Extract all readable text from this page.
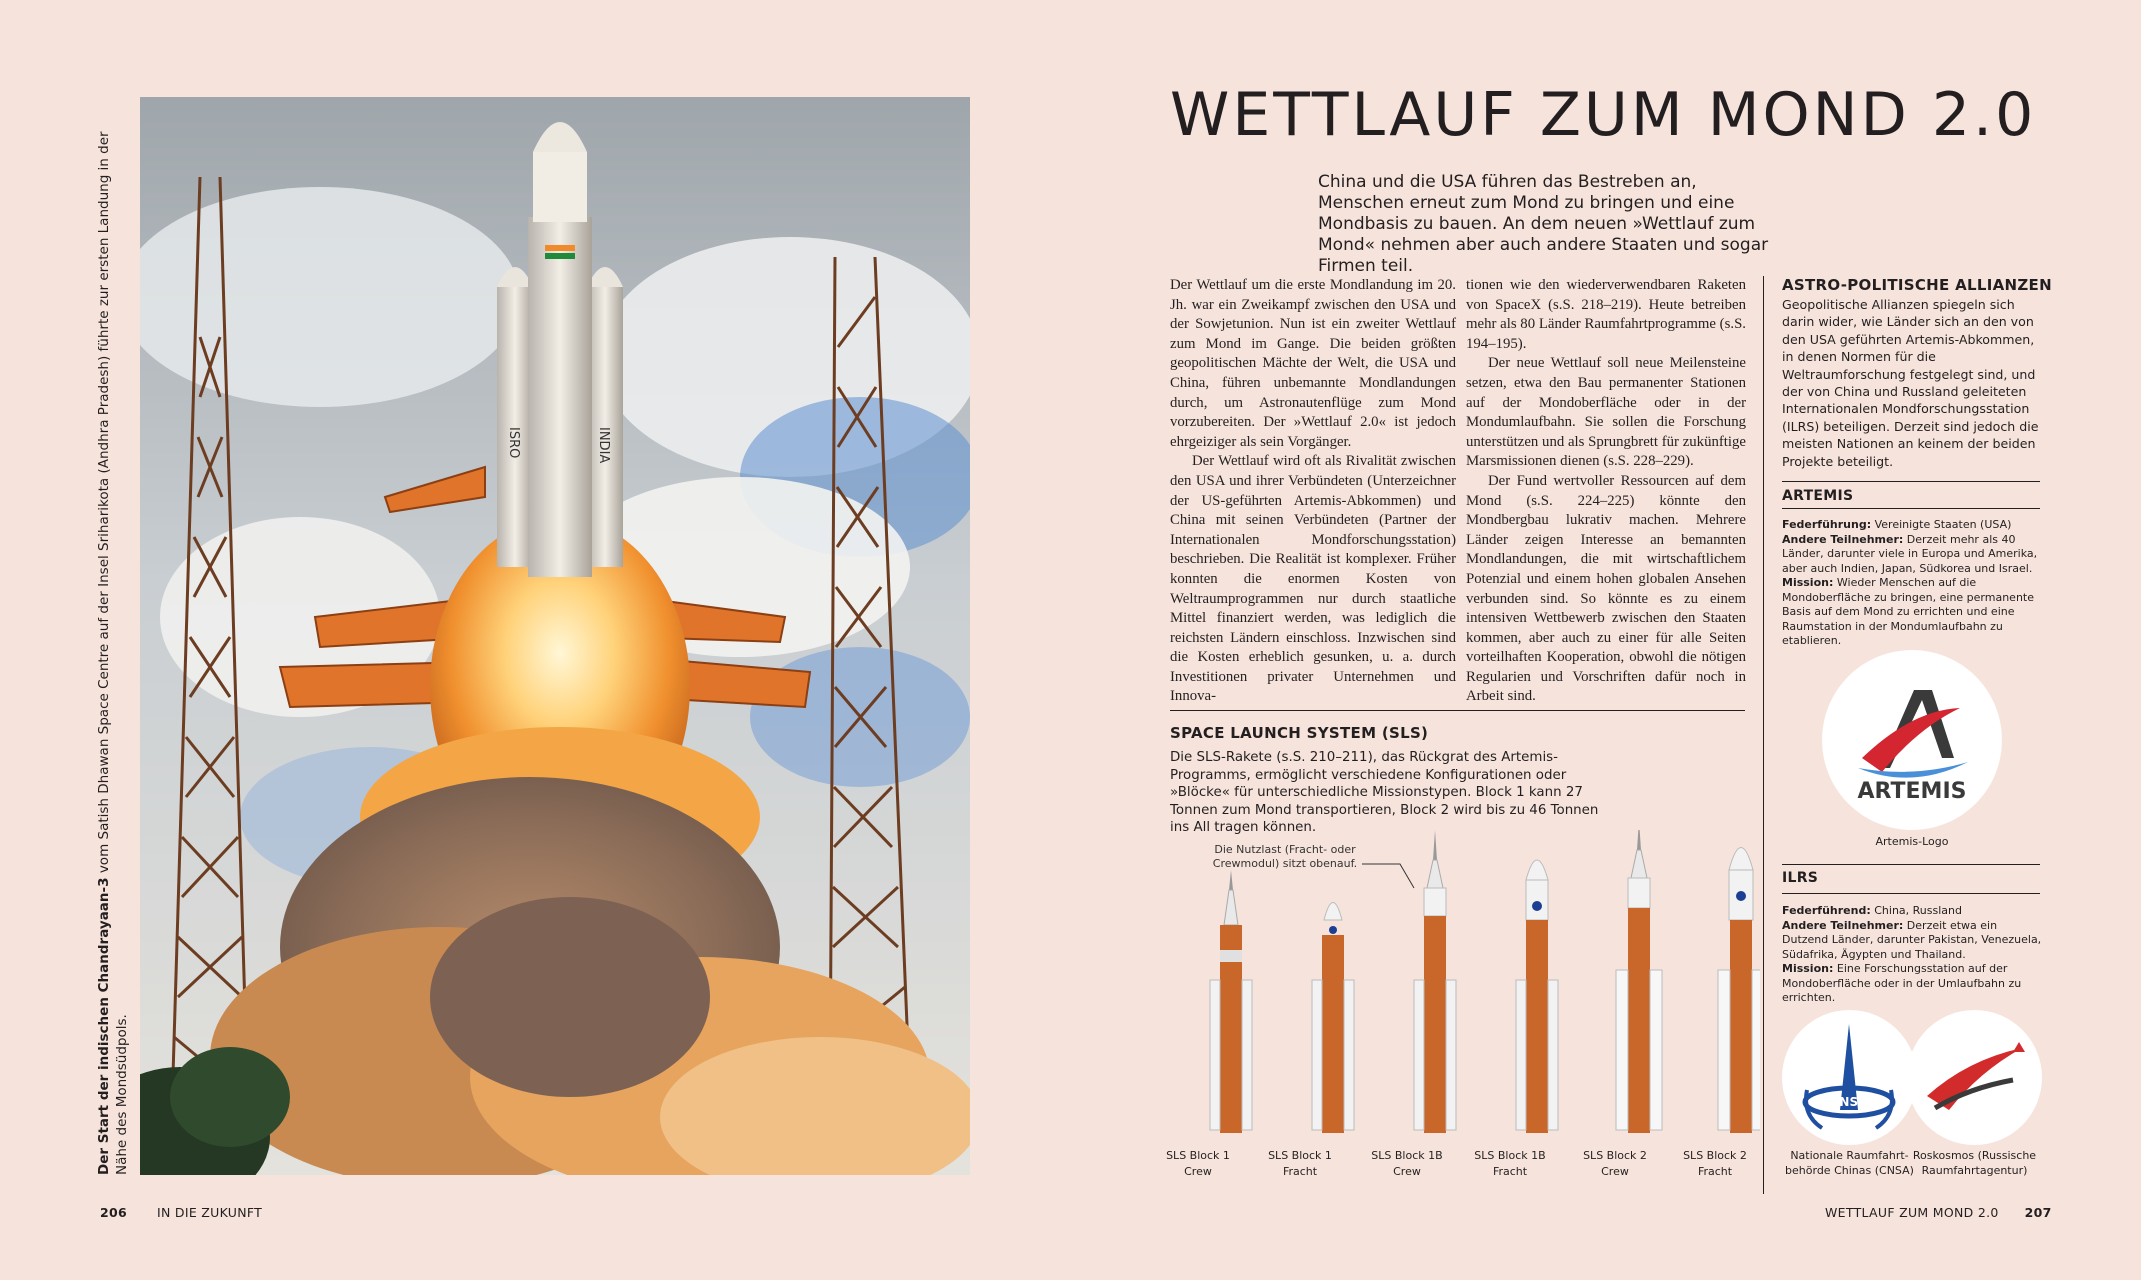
ISRO	INDIA
Der Start der indischen Chandrayaan-3 vom Satish Dhawan Space Centre auf der Insel Sriharikota (Andhra Pradesh) führte zur ersten Landung in der Nähe des Mondsüdpols.
WETTLAUF ZUM MOND 2.0
China und die USA führen das Bestreben an, Menschen erneut zum Mond zu bringen und eine Mondbasis zu bauen. An dem neuen »Wettlauf zum Mond« nehmen aber auch andere Staaten und sogar Firmen teil.

Der Wettlauf um die erste Mondlandung im 20. Jh. war ein Zweikampf zwischen den USA und der Sowjetunion. Nun ist ein zweiter Wettlauf zum Mond im Gange. Die beiden größten geopolitischen Mächte der Welt, die USA und China, führen unbemannte Mondlandungen durch, um Astronautenflüge zum Mond vorzubereiten. Der »Wettlauf 2.0« ist jedoch ehrgeiziger als sein Vorgänger.

Der Wettlauf wird oft als Rivalität zwischen den USA und ihrer Verbündeten (Unterzeichner der US-geführten Artemis-Abkommen) und China mit seinen Verbündeten (Partner der Internationalen Mondforschungsstation) beschrieben. Die Realität ist komplexer. Früher konnten die enormen Kosten von Weltraumprogrammen nur durch staatliche Mittel finanziert werden, was lediglich die reichsten Ländern einschloss. Inzwischen sind die Kosten erheblich gesunken, u. a. durch Investitionen privater Unternehmen und Innova-

tionen wie den wiederverwendbaren Raketen von SpaceX (s.S. 218–219). Heute betreiben mehr als 80 Länder Raumfahrtprogramme (s.S. 194–195).

Der neue Wettlauf soll neue Meilensteine setzen, etwa den Bau permanenter Stationen auf der Mondoberfläche oder in der Mondumlaufbahn. Sie sollen die Forschung unterstützen und als Sprungbrett für zukünftige Marsmissionen dienen (s.S. 228–229).

Der Fund wertvoller Ressourcen auf dem Mond (s.S. 224–225) könnte den Mondbergbau lukrativ machen. Mehrere Länder zeigen Interesse an bemannten Mondlandungen, die mit wirtschaftlichem Potenzial und einem hohen globalen Ansehen verbunden sind. So könnte es zu einem intensiven Wettbewerb zwischen den Staaten kommen, aber auch zu einer für alle Seiten vorteilhaften Kooperation, obwohl die nötigen Regularien und Vorschriften dafür noch in Arbeit sind.

ASTRO-POLITISCHE ALLIANZEN
Geopolitische Allianzen spiegeln sich darin wider, wie Länder sich an den von den USA geführten Artemis-Abkommen, in denen Normen für die Weltraumforschung festgelegt sind, und der von China und Russland geleiteten Internationalen Mondforschungsstation (ILRS) beteiligen. Derzeit sind jedoch die meisten Nationen an keinem der beiden Projekte beteiligt.
ARTEMIS
Federführung: Vereinigte Staaten (USA)
Andere Teilnehmer: Derzeit mehr als 40 Länder, darunter viele in Europa und Amerika, aber auch Indien, Japan, Südkorea und Israel.
Mission: Wieder Menschen auf die Mondoberfläche zu bringen, eine permanente Basis auf dem Mond zu errichten und eine Raumstation in der Mondumlaufbahn zu etablieren.
ARTEMIS
Artemis-Logo
ILRS
Federführend: China, Russland
Andere Teilnehmer: Derzeit etwa ein Dutzend Länder, darunter Pakistan, Venezuela, Südafrika, Ägypten und Thailand.
Mission: Eine Forschungsstation auf der Mondoberfläche oder in der Umlaufbahn zu errichten.
CNSA
Nationale Raumfahrt-
behörde Chinas (CNSA)
Roskosmos (Russische
Raumfahrtagentur)
SPACE LAUNCH SYSTEM (SLS)
Die SLS-Rakete (s.S. 210–211), das Rückgrat des Artemis-Programms, ermöglicht verschiedene Konfigurationen oder »Blöcke« für unterschiedliche Missionstypen. Block 1 kann 27 Tonnen zum Mond transportieren, Block 2 wird bis zu 46 Tonnen ins All tragen können.
Die Nutzlast (Fracht- oder Crewmodul) sitzt obenauf.
SLS Block 1
Crew
SLS Block 1
Fracht
SLS Block 1B
Crew
SLS Block 1B
Fracht
SLS Block 2
Crew
SLS Block 2
Fracht
206 IN DIE ZUKUNFT	WETTLAUF ZUM MOND 2.0 207
